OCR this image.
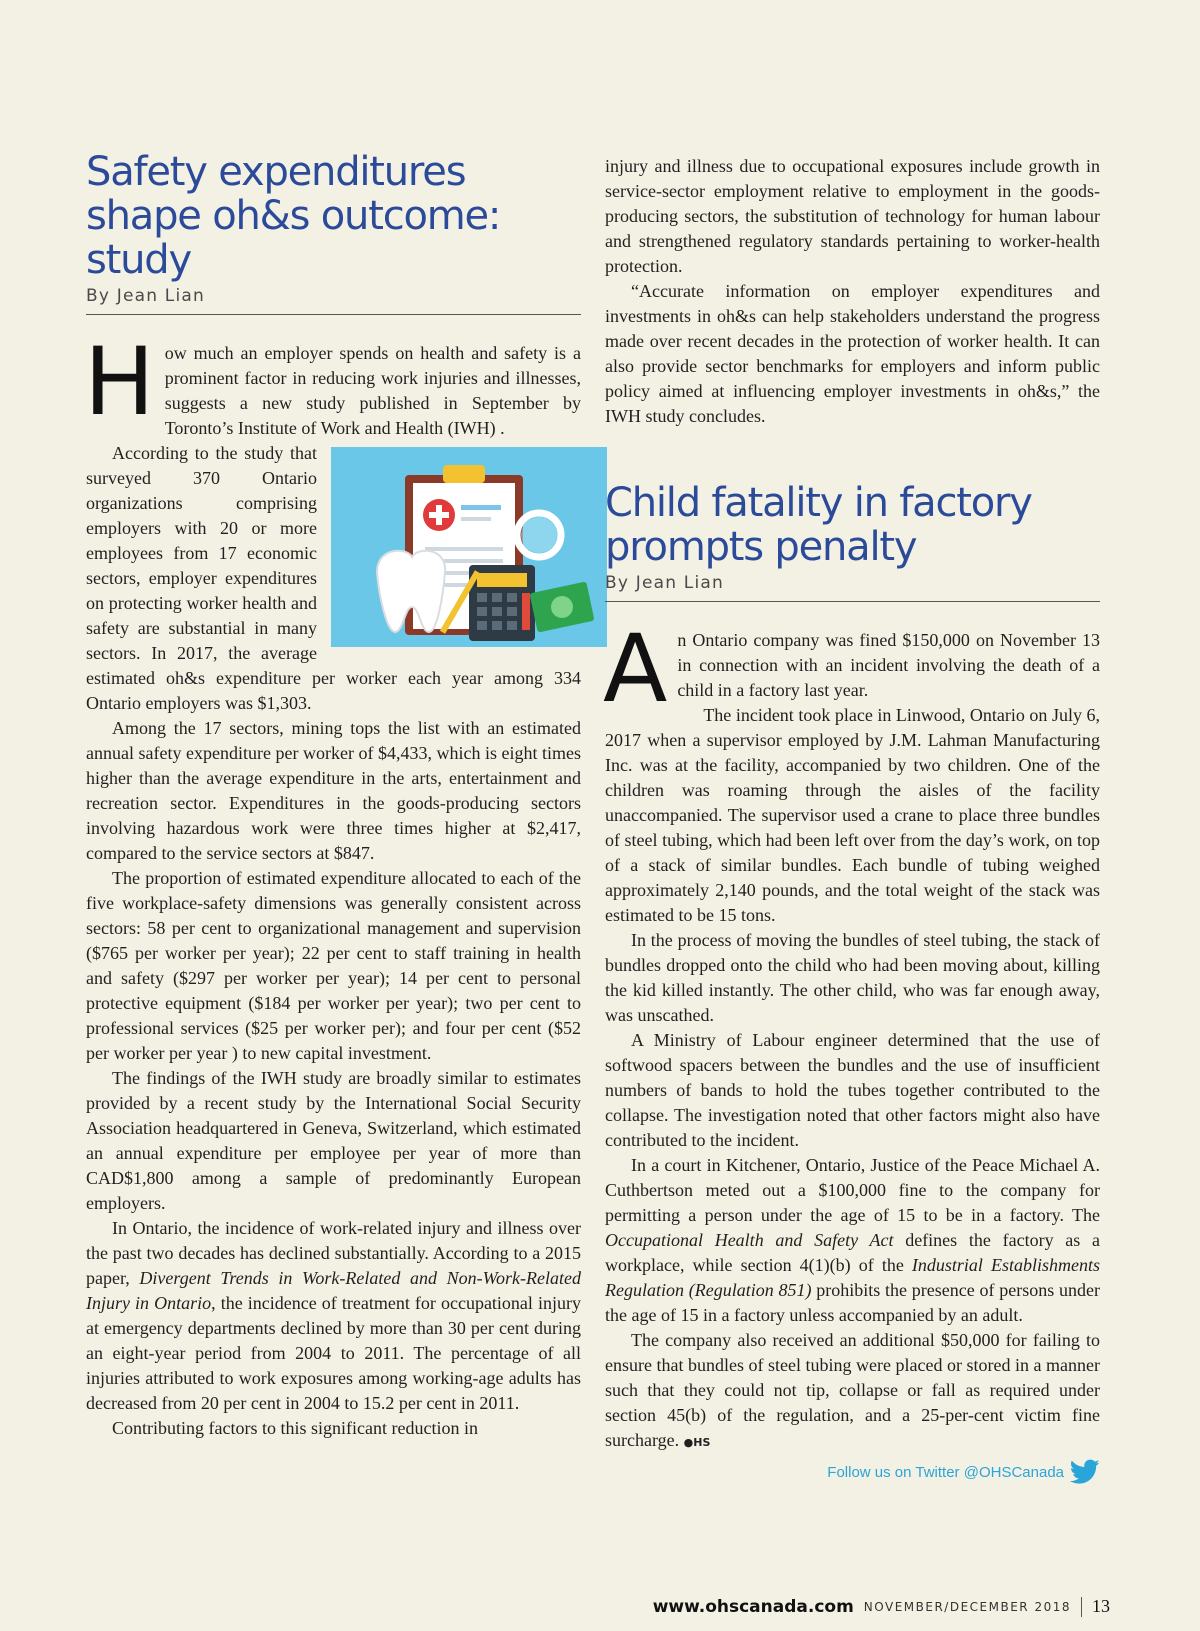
Safety expenditures shape oh&s outcome: study
By Jean Lian
H ow much an employer spends on health and safety is a prominent factor in reducing work injuries and illnesses, suggests a new study published in September by Toronto’s Institute of Work and Health (IWH) .

According to the study that surveyed 370 Ontario organizations comprising employers with 20 or more employees from 17 economic sectors, employer expenditures on protecting worker health and safety are substantial in many sectors. In 2017, the average estimated oh&s expenditure per worker each year among 334 Ontario employers was $1,303.

Among the 17 sectors, mining tops the list with an estimated annual safety expenditure per worker of $4,433, which is eight times higher than the average expenditure in the arts, entertainment and recreation sector. Expenditures in the goods-producing sectors involving hazardous work were three times higher at $2,417, compared to the service sectors at $847.

The proportion of estimated expenditure allocated to each of the five workplace-safety dimensions was generally consistent across sectors: 58 per cent to organizational management and supervision ($765 per worker per year); 22 per cent to staff training in health and safety ($297 per worker per year); 14 per cent to personal protective equipment ($184 per worker per year); two per cent to professional services ($25 per worker per); and four per cent ($52 per worker per year ) to new capital investment.

The findings of the IWH study are broadly similar to estimates provided by a recent study by the International Social Security Association headquartered in Geneva, Switzerland, which estimated an annual expenditure per employee per year of more than CAD$1,800 among a sample of predominantly European employers.

In Ontario, the incidence of work-related injury and illness over the past two decades has declined substantially. According to a 2015 paper, Divergent Trends in Work-Related and Non-Work-Related Injury in Ontario, the incidence of treatment for occupational injury at emergency departments declined by more than 30 per cent during an eight-year period from 2004 to 2011. The percentage of all injuries attributed to work exposures among working-age adults has decreased from 20 per cent in 2004 to 15.2 per cent in 2011.

Contributing factors to this significant reduction in

injury and illness due to occupational exposures include growth in service-sector employment relative to employment in the goods-producing sectors, the substitution of technology for human labour and strengthened regulatory standards pertaining to worker-health protection.

“Accurate information on employer expenditures and investments in oh&s can help stakeholders understand the progress made over recent decades in the protection of worker health. It can also provide sector benchmarks for employers and inform public policy aimed at influencing employer investments in oh&s,” the IWH study concludes.

Child fatality in factory prompts penalty
By Jean Lian
A n Ontario company was fined $150,000 on November 13 in connection with an incident involving the death of a child in a factory last year.

The incident took place in Linwood, Ontario on July 6, 2017 when a supervisor employed by J.M. Lahman Manufacturing Inc. was at the facility, accompanied by two children. One of the children was roaming through the aisles of the facility unaccompanied. The supervisor used a crane to place three bundles of steel tubing, which had been left over from the day’s work, on top of a stack of similar bundles. Each bundle of tubing weighed approximately 2,140 pounds, and the total weight of the stack was estimated to be 15 tons.

In the process of moving the bundles of steel tubing, the stack of bundles dropped onto the child who had been moving about, killing the kid killed instantly. The other child, who was far enough away, was unscathed.

A Ministry of Labour engineer determined that the use of softwood spacers between the bundles and the use of insufficient numbers of bands to hold the tubes together contributed to the collapse. The investigation noted that other factors might also have contributed to the incident.

In a court in Kitchener, Ontario, Justice of the Peace Michael A. Cuthbertson meted out a $100,000 fine to the company for permitting a person under the age of 15 to be in a factory. The Occupational Health and Safety Act defines the factory as a workplace, while section 4(1)(b) of the Industrial Establishments Regulation (Regulation 851) prohibits the presence of persons under the age of 15 in a factory unless accompanied by an adult.

The company also received an additional $50,000 for failing to ensure that bundles of steel tubing were placed or stored in a manner such that they could not tip, collapse or fall as required under section 45(b) of the regulation, and a 25-per-cent victim fine surcharge. ●HS

Follow us on Twitter @OHSCanada
www.ohscanada.com NOVEMBER/DECEMBER 2018 13
